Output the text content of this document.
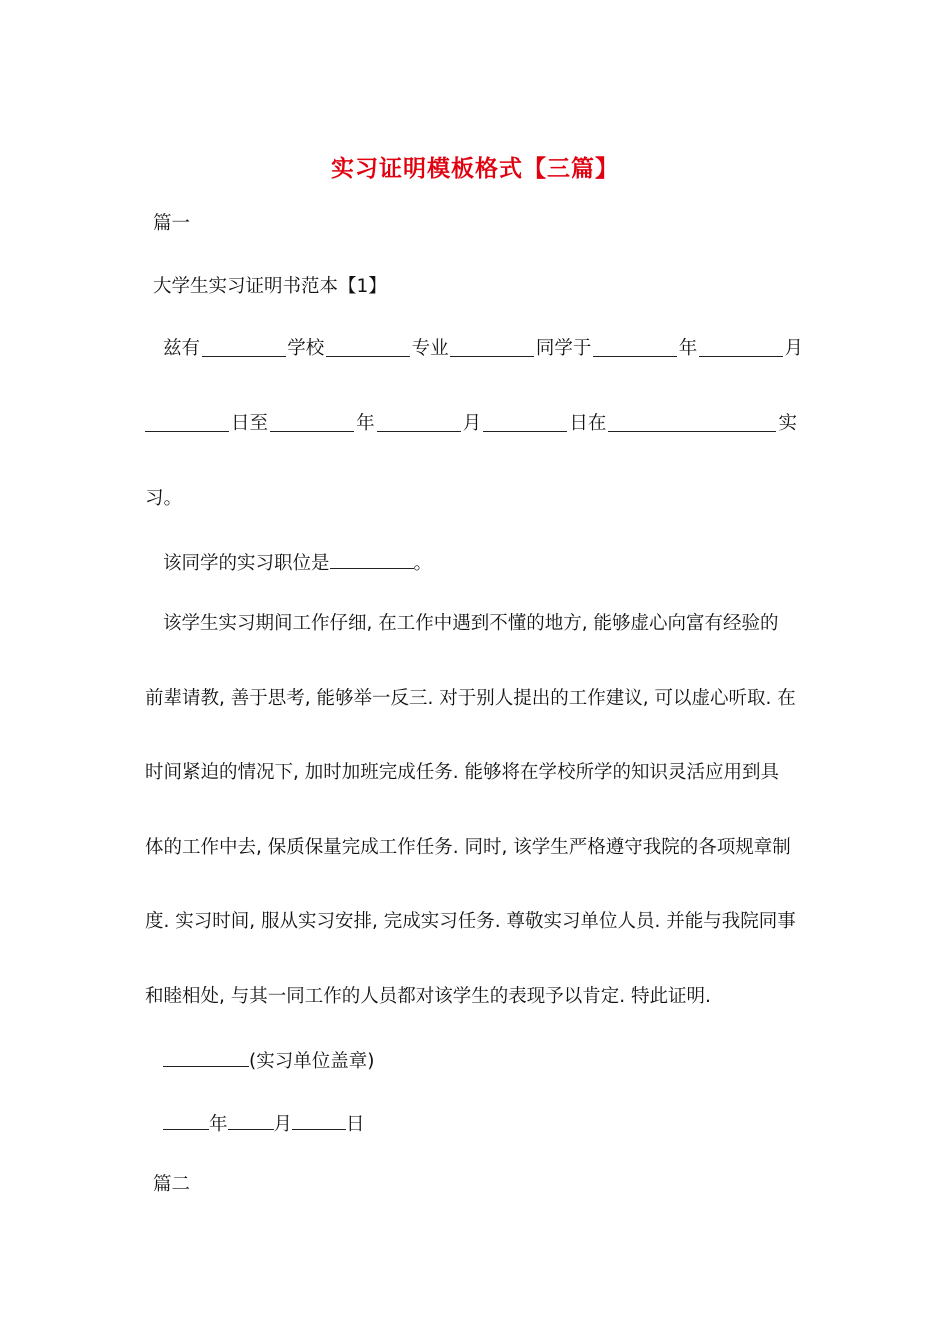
实习证明模板格式【三篇】
篇一
大学生实习证明书范本【1】
兹有	学校	专业	同学于	年	月
日至	年	月	日在	实
习。
该同学的实习职位是	。
该学生实习期间工作仔细, 在工作中遇到不懂的地方, 能够虚心向富有经验的
前辈请教, 善于思考, 能够举一反三. 对于别人提出的工作建议, 可以虚心听取. 在
时间紧迫的情况下, 加时加班完成任务. 能够将在学校所学的知识灵活应用到具
体的工作中去, 保质保量完成工作任务. 同时, 该学生严格遵守我院的各项规章制
度. 实习时间, 服从实习安排, 完成实习任务. 尊敬实习单位人员. 并能与我院同事
和睦相处, 与其一同工作的人员都对该学生的表现予以肯定. 特此证明.
(实习单位盖章)
年 月	日
篇二
